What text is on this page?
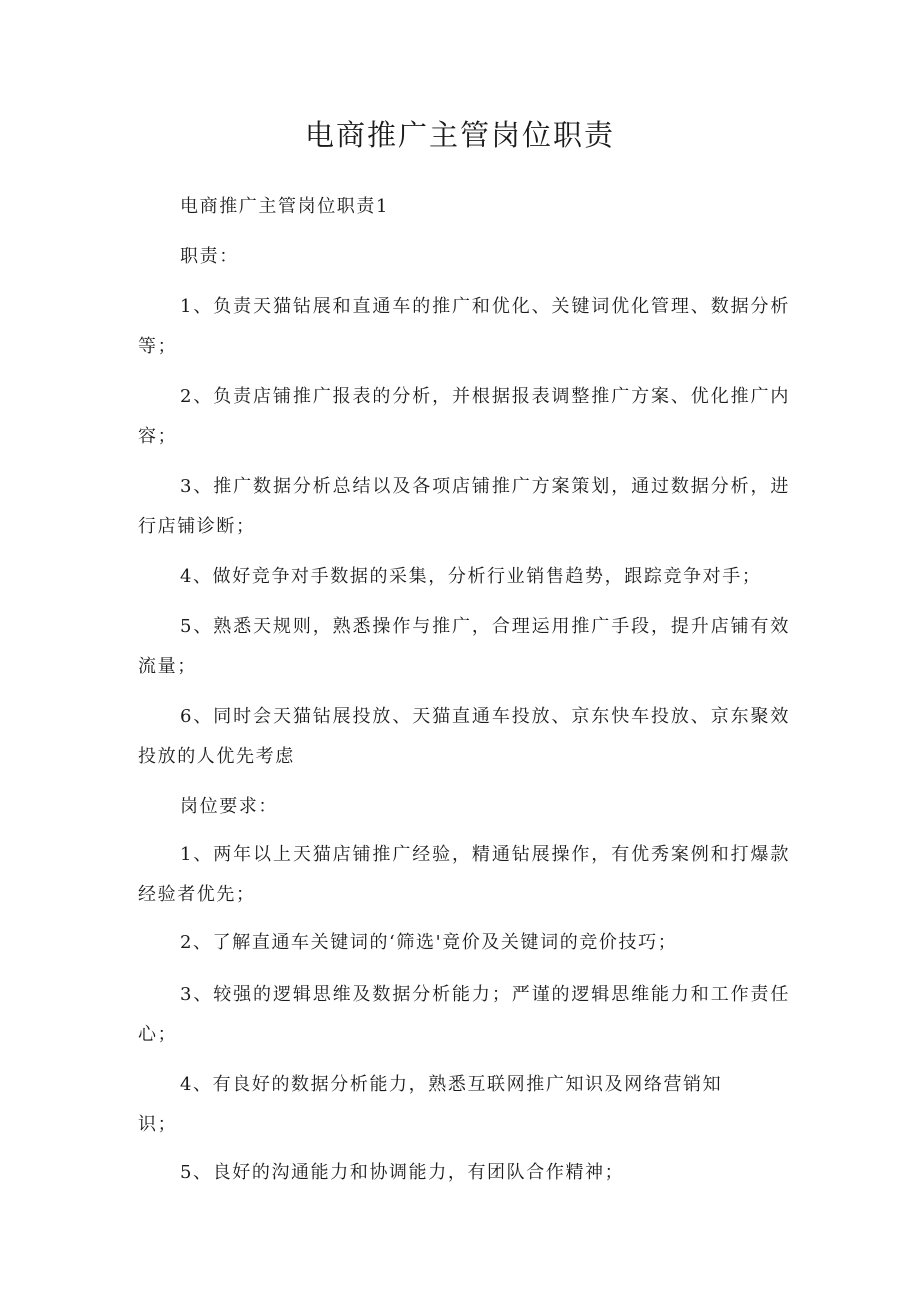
电商推广主管岗位职责

电商推广主管岗位职责1

职责：

1、负责天猫钻展和直通车的推广和优化、关键词优化管理、数据分析

等；

2、负责店铺推广报表的分析，并根据报表调整推广方案、优化推广内

容；

3、推广数据分析总结以及各项店铺推广方案策划，通过数据分析，进

行店铺诊断；

4、做好竞争对手数据的采集，分析行业销售趋势，跟踪竞争对手；

5、熟悉天规则，熟悉操作与推广，合理运用推广手段，提升店铺有效

流量；

6、同时会天猫钻展投放、天猫直通车投放、京东快车投放、京东聚效

投放的人优先考虑

岗位要求：

1、两年以上天猫店铺推广经验，精通钻展操作，有优秀案例和打爆款

经验者优先；

2、了解直通车关键词的‘筛选'竟价及关键词的竞价技巧；

3、较强的逻辑思维及数据分析能力；严谨的逻辑思维能力和工作责任

心；

4、有良好的数据分析能力，熟悉互联网推广知识及网络营销知

识；

5、良好的沟通能力和协调能力，有团队合作精神；
